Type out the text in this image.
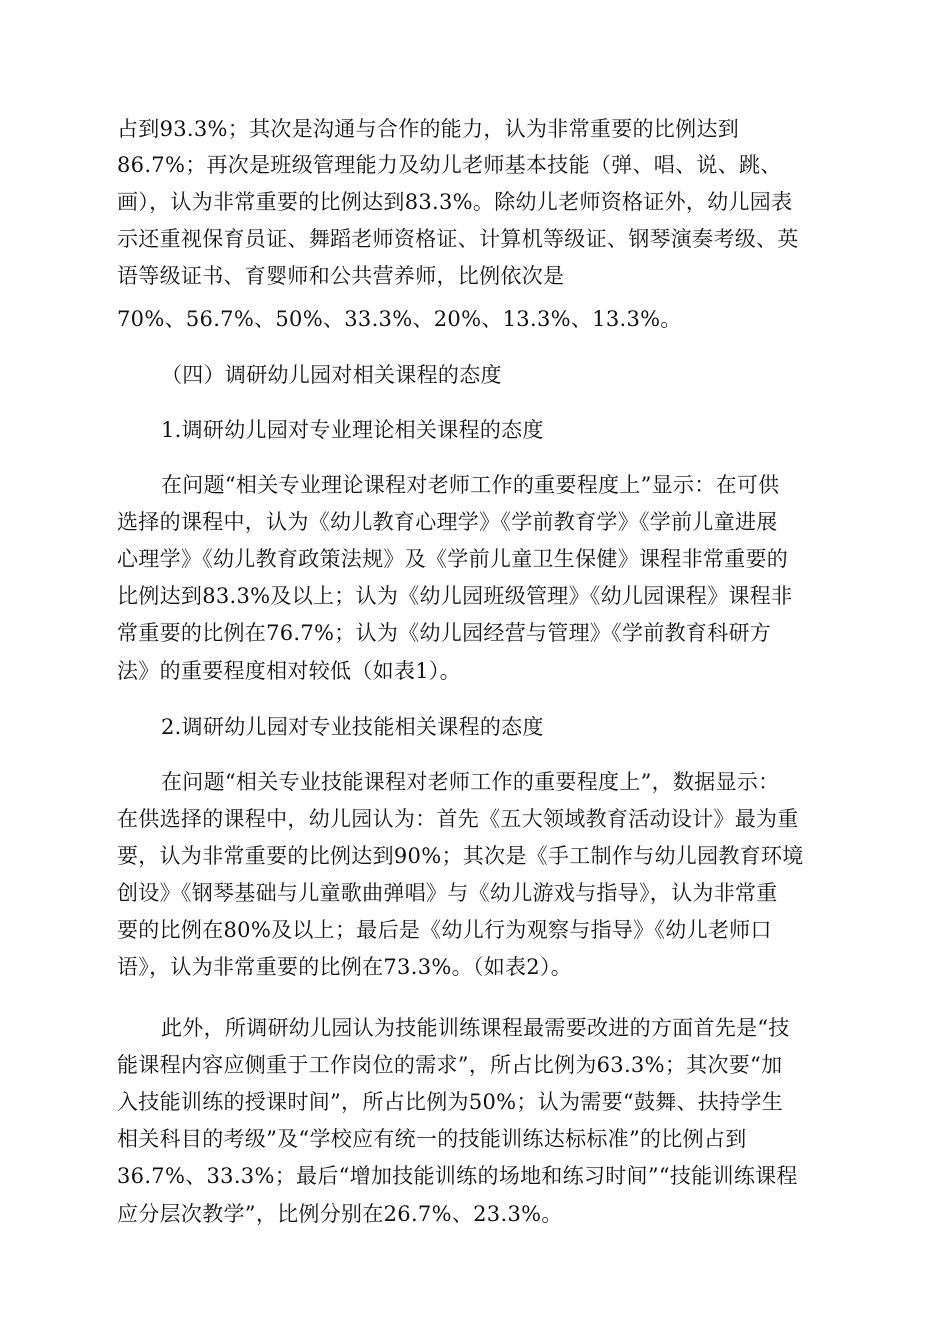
占到93.3%；其次是沟通与合作的能力，认为非常重要的比例达到
86.7%；再次是班级管理能力及幼儿老师基本技能（弹、唱、说、跳、
画），认为非常重要的比例达到83.3%。除幼儿老师资格证外，幼儿园表
示还重视保育员证、舞蹈老师资格证、计算机等级证、钢琴演奏考级、英
语等级证书、育婴师和公共营养师，比例依次是
70%、56.7%、50%、33.3%、20%、13.3%、13.3%。
（四）调研幼儿园对相关课程的态度
1.调研幼儿园对专业理论相关课程的态度
在问题“相关专业理论课程对老师工作的重要程度上”显示：在可供
选择的课程中，认为《幼儿教育心理学》《学前教育学》《学前儿童进展
心理学》《幼儿教育政策法规》及《学前儿童卫生保健》课程非常重要的
比例达到83.3%及以上；认为《幼儿园班级管理》《幼儿园课程》课程非
常重要的比例在76.7%；认为《幼儿园经营与管理》《学前教育科研方
法》的重要程度相对较低（如表1）。
2.调研幼儿园对专业技能相关课程的态度
在问题“相关专业技能课程对老师工作的重要程度上”，数据显示：
在供选择的课程中，幼儿园认为：首先《五大领域教育活动设计》最为重
要，认为非常重要的比例达到90%；其次是《手工制作与幼儿园教育环境
创设》《钢琴基础与儿童歌曲弹唱》与《幼儿游戏与指导》，认为非常重
要的比例在80%及以上；最后是《幼儿行为观察与指导》《幼儿老师口
语》，认为非常重要的比例在73.3%。（如表2）。
此外，所调研幼儿园认为技能训练课程最需要改进的方面首先是“技
能课程内容应侧重于工作岗位的需求”，所占比例为63.3%；其次要“加
入技能训练的授课时间”，所占比例为50%；认为需要“鼓舞、扶持学生
相关科目的考级”及“学校应有统一的技能训练达标标准”的比例占到
36.7%、33.3%；最后“增加技能训练的场地和练习时间”“技能训练课程
应分层次教学”，比例分别在26.7%、23.3%。
